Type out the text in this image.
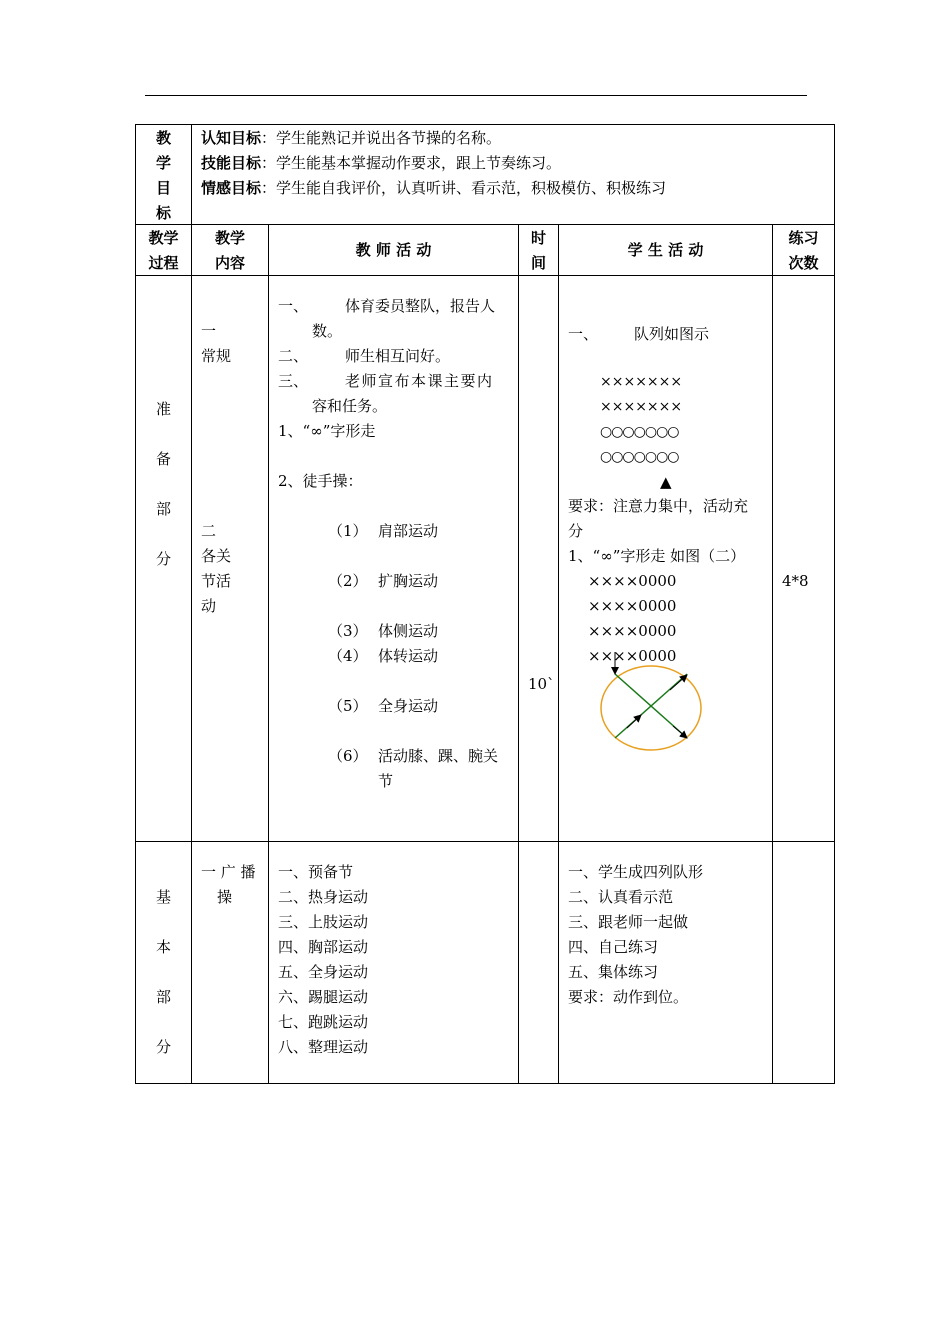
教
学
目
标
认知目标：学生能熟记并说出各节操的名称。
技能目标：学生能基本掌握动作要求，跟上节奏练习。
情感目标：学生能自我评价，认真听讲、看示范，积极模仿、积极练习
教学
过程
教学
内容
教 师 活 动
时
间
学 生 活 动
练习
次数
准
备
部
分
一
常规
二
各关
节活
动
一、 体育委员整队，报告人
数。
二、 师生相互问好。
三、 老师宣布本课主要内
容和任务。
1、“∞”字形走
2、徒手操：
（1） 肩部运动
（2） 扩胸运动
（3） 体侧运动
（4） 体转运动
（5） 全身运动
（6） 活动膝、踝、腕关
节
10`
一、 队列如图示
×××××××
×××××××
○○○○○○○
○○○○○○○
▲
要求：注意力集中，活动充
分
1、“∞”字形走 如图（二）
××××0000
××××0000
××××0000
××××0000
4*8
基
本
部
分
一 广 播
操
一、预备节
二、热身运动
三、上肢运动
四、胸部运动
五、全身运动
六、踢腿运动
七、跑跳运动
八、整理运动
一、学生成四列队形
二、认真看示范
三、跟老师一起做
四、自己练习
五、集体练习
要求：动作到位。
